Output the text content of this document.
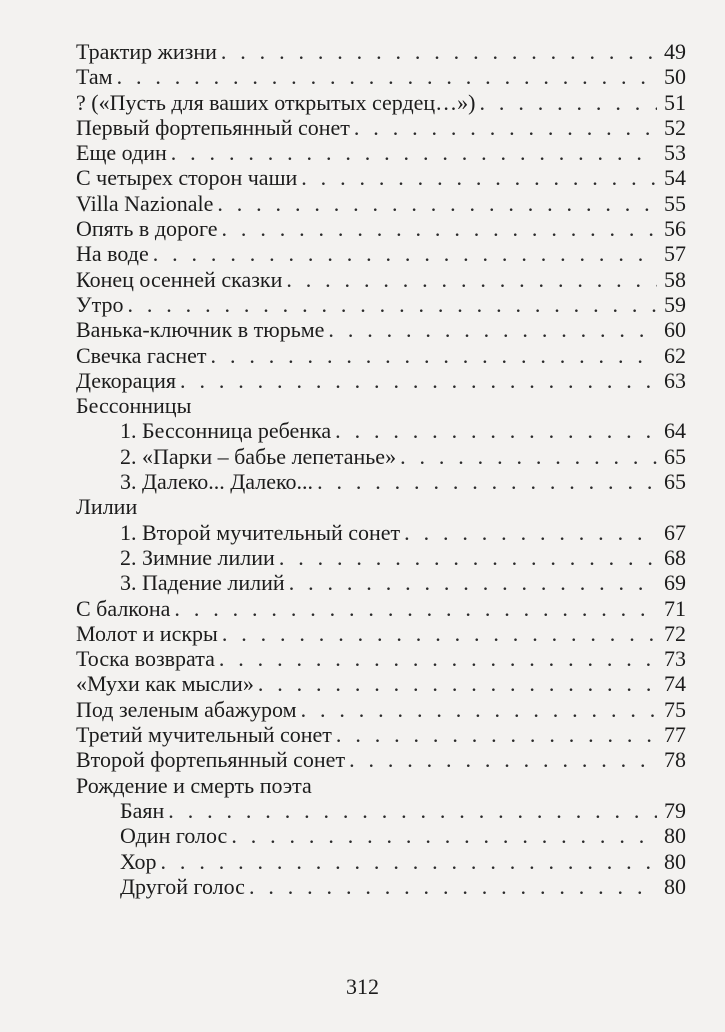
Трактир жизни . . .	49
Там . . .	50
? («Пусть для ваших открытых сердец…») . . .	51
Первый фортепьянный сонет . . .	52
Еще один . . .	53
С четырех сторон чаши . . .	54
Villa Nazionale . . .	55
Опять в дороге . . .	56
На воде . . .	57
Конец осенней сказки . . .	58
Утро . . .	59
Ванька-ключник в тюрьме . . .	60
Свечка гаснет . . .	62
Декорация . . .	63
Бессонницы
1. Бессонница ребенка . . .	64
2. «Парки – бабье лепетанье» . . .	65
3. Далеко... Далеко... . . .	65
Лилии
1. Второй мучительный сонет . . .	67
2. Зимние лилии . . .	68
3. Падение лилий . . .	69
С балкона . . .	71
Молот и искры . . .	72
Тоска возврата . . .	73
«Мухи как мысли» . . .	74
Под зеленым абажуром . . .	75
Третий мучительный сонет . . .	77
Второй фортепьянный сонет . . .	78
Рождение и смерть поэта
Баян . . .	79
Один голос . . .	80
Хор . . .	80
Другой голос . . .	80
312
